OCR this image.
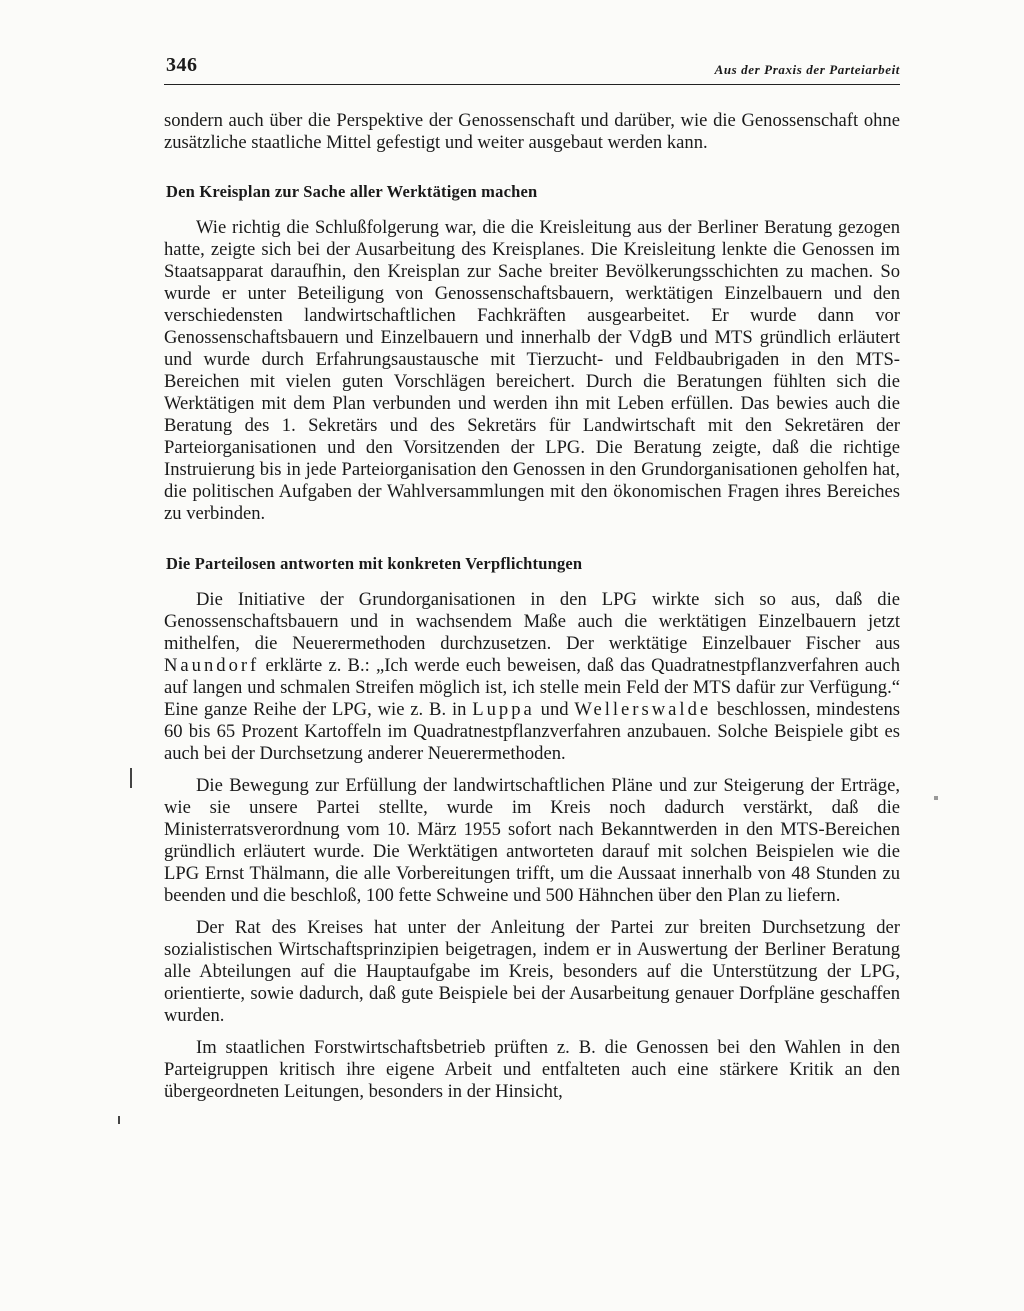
346	Aus der Praxis der Parteiarbeit

sondern auch über die Perspektive der Genossenschaft und darüber, wie die Genossenschaft ohne zusätzliche staatliche Mittel gefestigt und weiter ausgebaut werden kann.

Den Kreisplan zur Sache aller Werktätigen machen

Wie richtig die Schlußfolgerung war, die die Kreisleitung aus der Berliner Beratung gezogen hatte, zeigte sich bei der Ausarbeitung des Kreisplanes. Die Kreisleitung lenkte die Genossen im Staatsapparat daraufhin, den Kreisplan zur Sache breiter Bevölkerungsschichten zu machen. So wurde er unter Beteiligung von Genossenschaftsbauern, werktätigen Einzelbauern und den verschiedensten landwirtschaftlichen Fachkräften ausgearbeitet. Er wurde dann vor Genossenschaftsbauern und Einzelbauern und innerhalb der VdgB und MTS gründlich erläutert und wurde durch Erfahrungsaustausche mit Tierzucht- und Feldbaubrigaden in den MTS-Bereichen mit vielen guten Vorschlägen bereichert. Durch die Beratungen fühlten sich die Werktätigen mit dem Plan verbunden und werden ihn mit Leben erfüllen. Das bewies auch die Beratung des 1. Sekretärs und des Sekretärs für Landwirtschaft mit den Sekretären der Parteiorganisationen und den Vorsitzenden der LPG. Die Beratung zeigte, daß die richtige Instruierung bis in jede Parteiorganisation den Genossen in den Grundorganisationen geholfen hat, die politischen Aufgaben der Wahlversammlungen mit den ökonomischen Fragen ihres Bereiches zu verbinden.

Die Parteilosen antworten mit konkreten Verpflichtungen

Die Initiative der Grundorganisationen in den LPG wirkte sich so aus, daß die Genossenschaftsbauern und in wachsendem Maße auch die werktätigen Einzelbauern jetzt mithelfen, die Neuerermethoden durchzusetzen. Der werktätige Einzelbauer Fischer aus Naundorf erklärte z. B.: „Ich werde euch beweisen, daß das Quadratnestpflanzverfahren auch auf langen und schmalen Streifen möglich ist, ich stelle mein Feld der MTS dafür zur Verfügung.“ Eine ganze Reihe der LPG, wie z. B. in Luppa und Wellerswalde beschlossen, mindestens 60 bis 65 Prozent Kartoffeln im Quadratnestpflanzverfahren anzubauen. Solche Beispiele gibt es auch bei der Durchsetzung anderer Neuerermethoden.

Die Bewegung zur Erfüllung der landwirtschaftlichen Pläne und zur Steigerung der Erträge, wie sie unsere Partei stellte, wurde im Kreis noch dadurch verstärkt, daß die Ministerratsverordnung vom 10. März 1955 sofort nach Bekanntwerden in den MTS-Bereichen gründlich erläutert wurde. Die Werktätigen antworteten darauf mit solchen Beispielen wie die LPG Ernst Thälmann, die alle Vorbereitungen trifft, um die Aussaat innerhalb von 48 Stunden zu beenden und die beschloß, 100 fette Schweine und 500 Hähnchen über den Plan zu liefern.

Der Rat des Kreises hat unter der Anleitung der Partei zur breiten Durchsetzung der sozialistischen Wirtschaftsprinzipien beigetragen, indem er in Auswertung der Berliner Beratung alle Abteilungen auf die Hauptaufgabe im Kreis, besonders auf die Unterstützung der LPG, orientierte, sowie dadurch, daß gute Beispiele bei der Ausarbeitung genauer Dorfpläne geschaffen wurden.

Im staatlichen Forstwirtschaftsbetrieb prüften z. B. die Genossen bei den Wahlen in den Parteigruppen kritisch ihre eigene Arbeit und entfalteten auch eine stärkere Kritik an den übergeordneten Leitungen, besonders in der Hinsicht,
